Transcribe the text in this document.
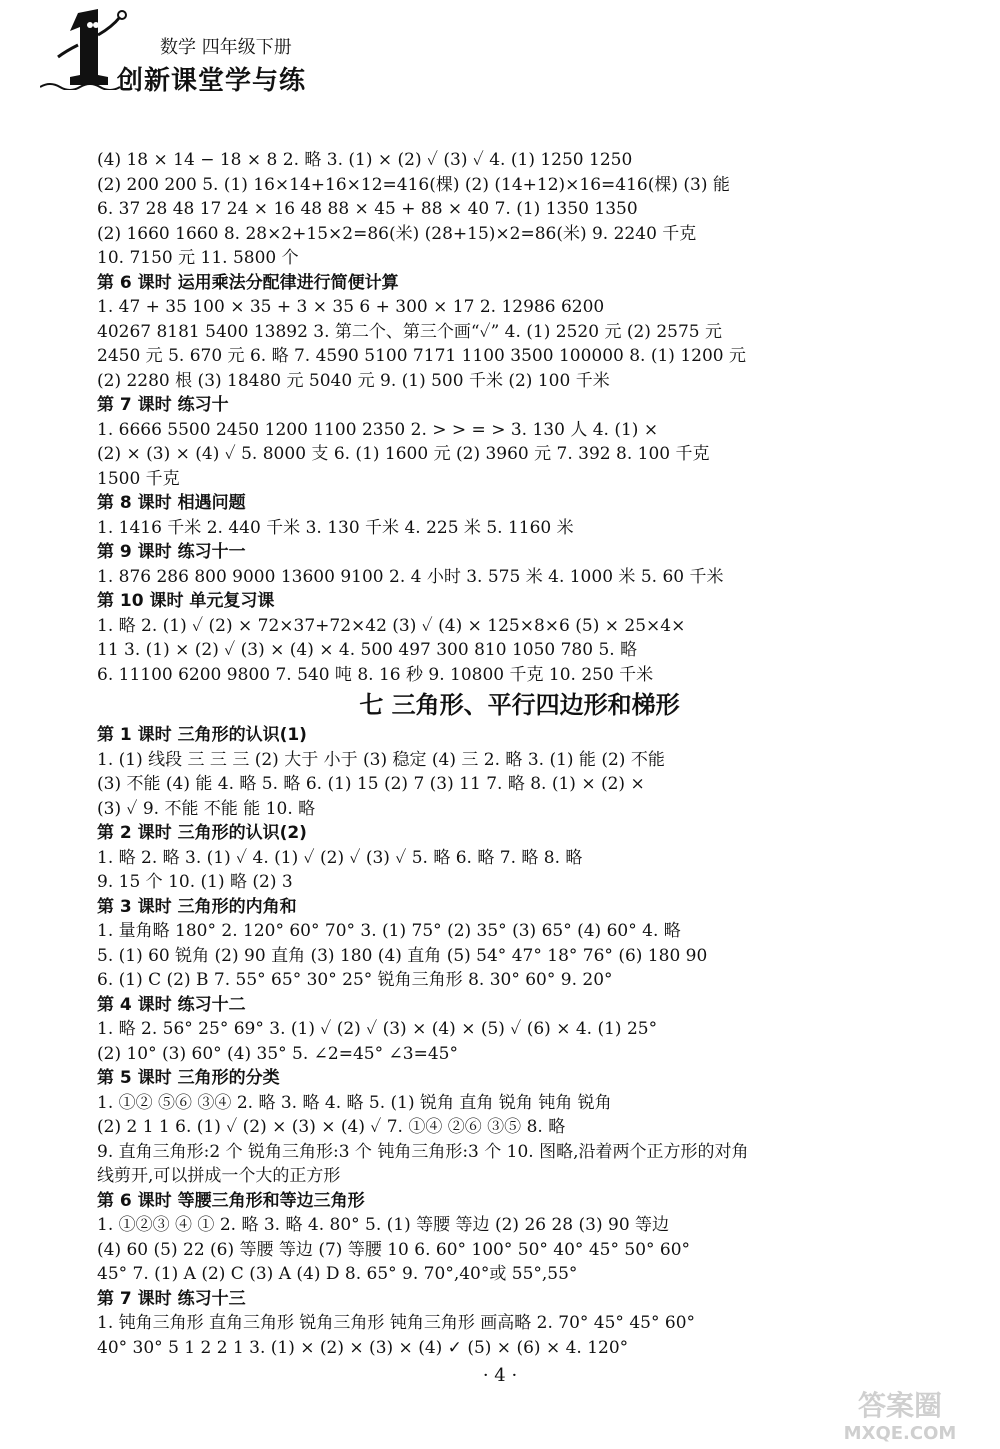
数学 四年级下册
创新课堂学与练
(4) 18 × 14 − 18 × 8 2. 略 3. (1) × (2) ✓ (3) ✓ 4. (1) 1250 1250
(2) 200 200 5. (1) 16×14+16×12=416(棵) (2) (14+12)×16=416(棵) (3) 能
6. 37 28 48 17 24 × 16 48 88 × 45 + 88 × 40 7. (1) 1350 1350
(2) 1660 1660 8. 28×2+15×2=86(米) (28+15)×2=86(米) 9. 2240 千克
10. 7150 元 11. 5800 个
第 6 课时 运用乘法分配律进行简便计算
1. 47 + 35 100 × 35 + 3 × 35 6 + 300 × 17 2. 12986 6200
40267 8181 5400 13892 3. 第二个、第三个画“✓” 4. (1) 2520 元 (2) 2575 元
2450 元 5. 670 元 6. 略 7. 4590 5100 7171 1100 3500 100000 8. (1) 1200 元
(2) 2280 根 (3) 18480 元 5040 元 9. (1) 500 千米 (2) 100 千米
第 7 课时 练习十
1. 6666 5500 2450 1200 1100 2350 2. > > = > 3. 130 人 4. (1) ×
(2) × (3) × (4) ✓ 5. 8000 支 6. (1) 1600 元 (2) 3960 元 7. 392 8. 100 千克
1500 千克
第 8 课时 相遇问题
1. 1416 千米 2. 440 千米 3. 130 千米 4. 225 米 5. 1160 米
第 9 课时 练习十一
1. 876 286 800 9000 13600 9100 2. 4 小时 3. 575 米 4. 1000 米 5. 60 千米
第 10 课时 单元复习课
1. 略 2. (1) ✓ (2) × 72×37+72×42 (3) ✓ (4) × 125×8×6 (5) × 25×4×
11 3. (1) × (2) ✓ (3) × (4) × 4. 500 497 300 810 1050 780 5. 略
6. 11100 6200 9800 7. 540 吨 8. 16 秒 9. 10800 千克 10. 250 千米
七 三角形、平行四边形和梯形
第 1 课时 三角形的认识(1)
1. (1) 线段 三 三 三 (2) 大于 小于 (3) 稳定 (4) 三 2. 略 3. (1) 能 (2) 不能
(3) 不能 (4) 能 4. 略 5. 略 6. (1) 15 (2) 7 (3) 11 7. 略 8. (1) × (2) ×
(3) ✓ 9. 不能 不能 能 10. 略
第 2 课时 三角形的认识(2)
1. 略 2. 略 3. (1) ✓ 4. (1) ✓ (2) ✓ (3) ✓ 5. 略 6. 略 7. 略 8. 略
9. 15 个 10. (1) 略 (2) 3
第 3 课时 三角形的内角和
1. 量角略 180° 2. 120° 60° 70° 3. (1) 75° (2) 35° (3) 65° (4) 60° 4. 略
5. (1) 60 锐角 (2) 90 直角 (3) 180 (4) 直角 (5) 54° 47° 18° 76° (6) 180 90
6. (1) C (2) B 7. 55° 65° 30° 25° 锐角三角形 8. 30° 60° 9. 20°
第 4 课时 练习十二
1. 略 2. 56° 25° 69° 3. (1) ✓ (2) ✓ (3) × (4) × (5) ✓ (6) × 4. (1) 25°
(2) 10° (3) 60° (4) 35° 5. ∠2=45° ∠3=45°
第 5 课时 三角形的分类
1. ①② ⑤⑥ ③④ 2. 略 3. 略 4. 略 5. (1) 锐角 直角 锐角 钝角 锐角
(2) 2 1 1 6. (1) ✓ (2) × (3) × (4) ✓ 7. ①④ ②⑥ ③⑤ 8. 略
9. 直角三角形:2 个 锐角三角形:3 个 钝角三角形:3 个 10. 图略,沿着两个正方形的对角
线剪开,可以拼成一个大的正方形
第 6 课时 等腰三角形和等边三角形
1. ①②③ ④ ① 2. 略 3. 略 4. 80° 5. (1) 等腰 等边 (2) 26 28 (3) 90 等边
(4) 60 (5) 22 (6) 等腰 等边 (7) 等腰 10 6. 60° 100° 50° 40° 45° 50° 60°
45° 7. (1) A (2) C (3) A (4) D 8. 65° 9. 70°,40°或 55°,55°
第 7 课时 练习十三
1. 钝角三角形 直角三角形 锐角三角形 钝角三角形 画高略 2. 70° 45° 45° 60°
40° 30° 5 1 2 2 1 3. (1) × (2) × (3) × (4) ✓ (5) × (6) × 4. 120°
· 4 ·
答案圈
MXQE.COM
